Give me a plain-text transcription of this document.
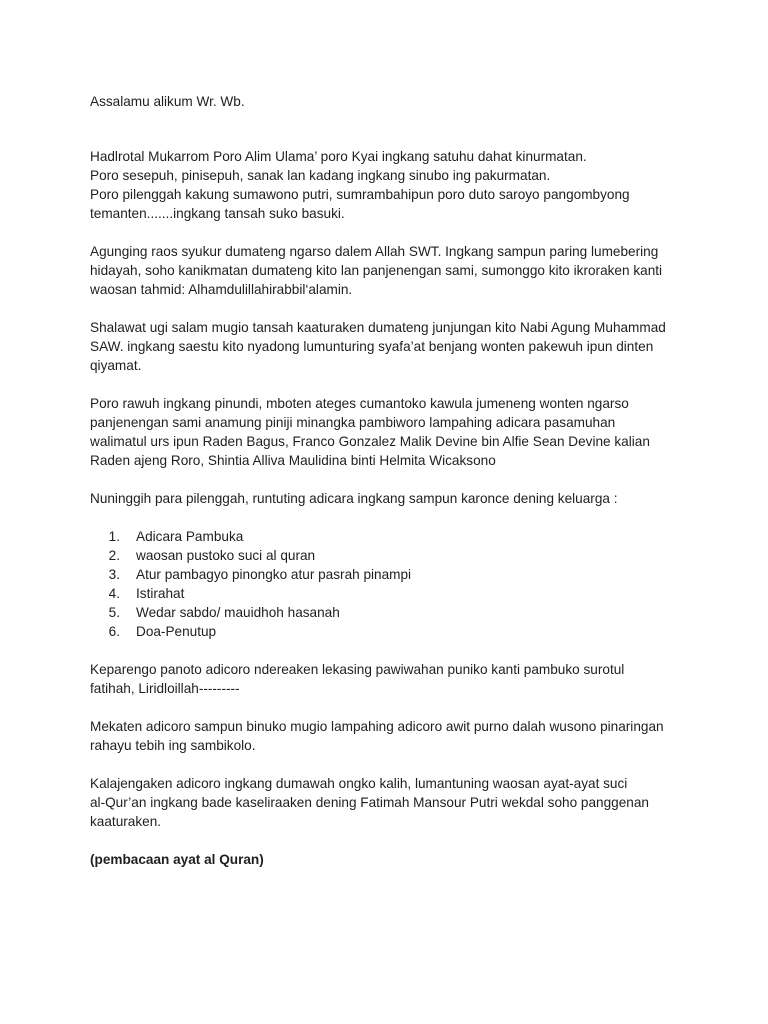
Assalamu alikum Wr. Wb.

Hadlrotal Mukarrom Poro Alim Ulama’ poro Kyai ingkang satuhu dahat kinurmatan.
Poro sesepuh, pinisepuh, sanak lan kadang ingkang sinubo ing pakurmatan.
Poro pilenggah kakung sumawono putri, sumrambahipun poro duto saroyo pangombyong
temanten.......ingkang tansah suko basuki.

Agunging raos syukur dumateng ngarso dalem Allah SWT. Ingkang sampun paring lumebering
hidayah, soho kanikmatan dumateng kito lan panjenengan sami, sumonggo kito ikroraken kanti
waosan tahmid: Alhamdulillahirabbil‘alamin.

Shalawat ugi salam mugio tansah kaaturaken dumateng junjungan kito Nabi Agung Muhammad
SAW. ingkang saestu kito nyadong lumunturing syafa’at benjang wonten pakewuh ipun dinten
qiyamat.

Poro rawuh ingkang pinundi, mboten ateges cumantoko kawula jumeneng wonten ngarso
panjenengan sami anamung piniji minangka pambiworo lampahing adicara pasamuhan
walimatul urs ipun Raden Bagus, Franco Gonzalez Malik Devine bin Alfie Sean Devine kalian
Raden ajeng Roro, Shintia Alliva Maulidina binti Helmita Wicaksono

Nuninggih para pilenggah, runtuting adicara ingkang sampun karonce dening keluarga :

1. Adicara Pambuka
2. waosan pustoko suci al quran
3. Atur pambagyo pinongko atur pasrah pinampi
4. Istirahat
5. Wedar sabdo/ mauidhoh hasanah
6. Doa-Penutup

Keparengo panoto adicoro ndereaken lekasing pawiwahan puniko kanti pambuko surotul
fatihah, Liridloillah---------

Mekaten adicoro sampun binuko mugio lampahing adicoro awit purno dalah wusono pinaringan
rahayu tebih ing sambikolo.

Kalajengaken adicoro ingkang dumawah ongko kalih, lumantuning waosan ayat-ayat suci
al-Qur’an ingkang bade kaseliraaken dening Fatimah Mansour Putri wekdal soho panggenan
kaaturaken.

(pembacaan ayat al Quran)
